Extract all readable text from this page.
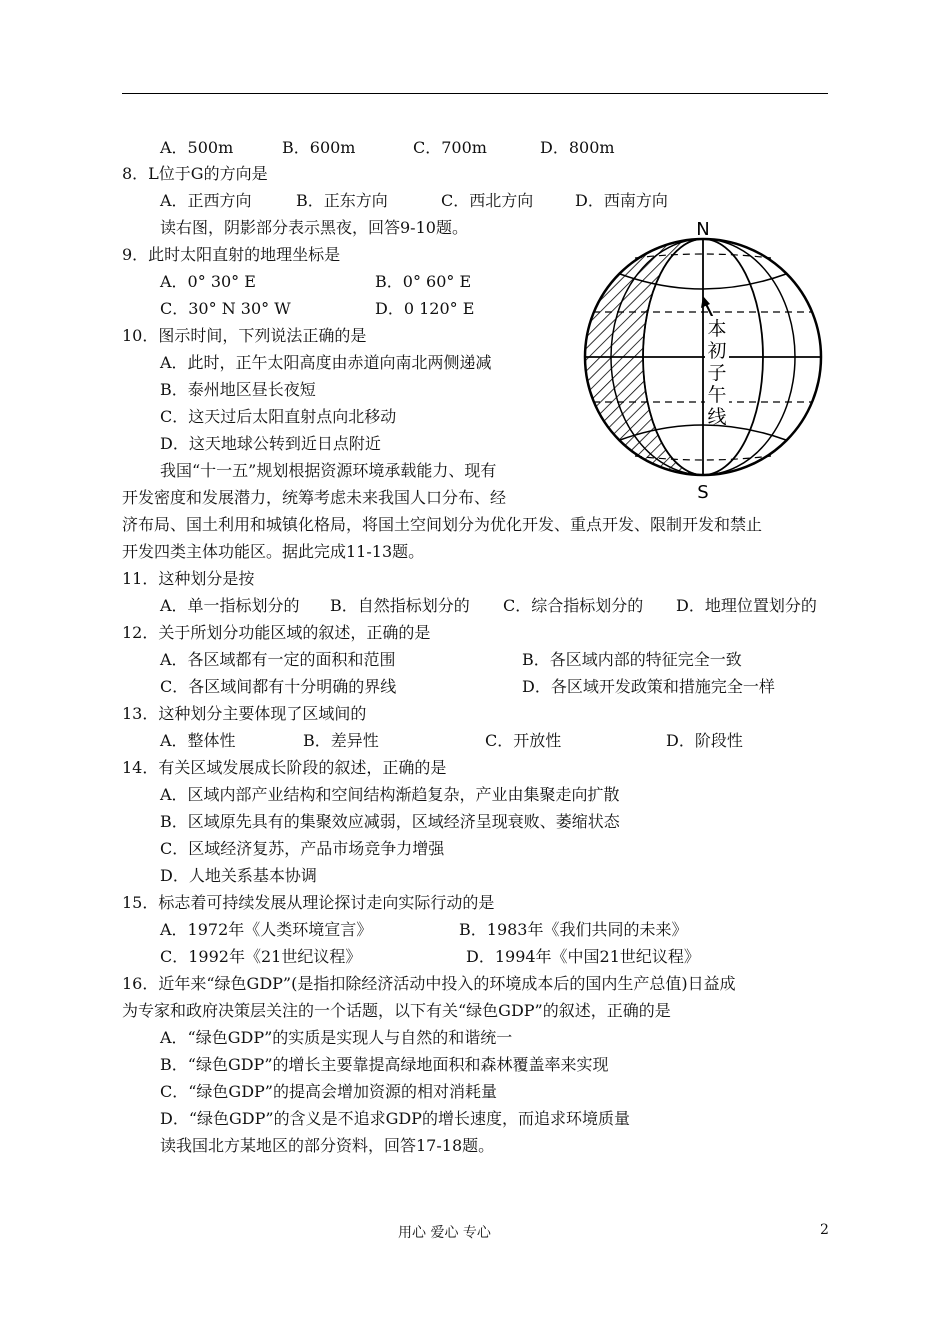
A．500m	B．600m	C．700m	D．800m
8．L位于G的方向是
A．正西方向	B．正东方向	C．西北方向	D．西南方向
读右图，阴影部分表示黑夜，回答9-10题。
9．此时太阳直射的地理坐标是
A．0° 30° E	B．0° 60° E
C．30° N 30° W	D．0 120° E
10．图示时间，下列说法正确的是
A．此时，正午太阳高度由赤道向南北两侧递减
B．泰州地区昼长夜短
C．这天过后太阳直射点向北移动
D．这天地球公转到近日点附近
N
S
本
初
子
午
线
我国“十一五”规划根据资源环境承载能力、现有
开发密度和发展潜力，统筹考虑未来我国人口分布、经
济布局、国土利用和城镇化格局，将国土空间划分为优化开发、重点开发、限制开发和禁止
开发四类主体功能区。据此完成11-13题。
11．这种划分是按
A．单一指标划分的 B．自然指标划分的 C．综合指标划分的 D．地理位置划分的
12．关于所划分功能区域的叙述，正确的是
A．各区域都有一定的面积和范围	B．各区域内部的特征完全一致
C．各区域间都有十分明确的界线	D．各区域开发政策和措施完全一样
13．这种划分主要体现了区域间的
A．整体性	B．差异性	C．开放性	D．阶段性
14．有关区域发展成长阶段的叙述，正确的是
A．区域内部产业结构和空间结构渐趋复杂，产业由集聚走向扩散
B．区域原先具有的集聚效应减弱，区域经济呈现衰败、萎缩状态
C．区域经济复苏，产品市场竞争力增强
D．人地关系基本协调
15．标志着可持续发展从理论探讨走向实际行动的是
A．1972年《人类环境宣言》	B．1983年《我们共同的未来》
C．1992年《21世纪议程》	D．1994年《中国21世纪议程》
16．近年来“绿色GDP”(是指扣除经济活动中投入的环境成本后的国内生产总值)日益成
为专家和政府决策层关注的一个话题，以下有关“绿色GDP”的叙述，正确的是
A．“绿色GDP”的实质是实现人与自然的和谐统一
B．“绿色GDP”的增长主要靠提高绿地面积和森林覆盖率来实现
C．“绿色GDP”的提高会增加资源的相对消耗量
D．“绿色GDP”的含义是不追求GDP的增长速度，而追求环境质量
读我国北方某地区的部分资料，回答17-18题。
用心 爱心 专心	2
